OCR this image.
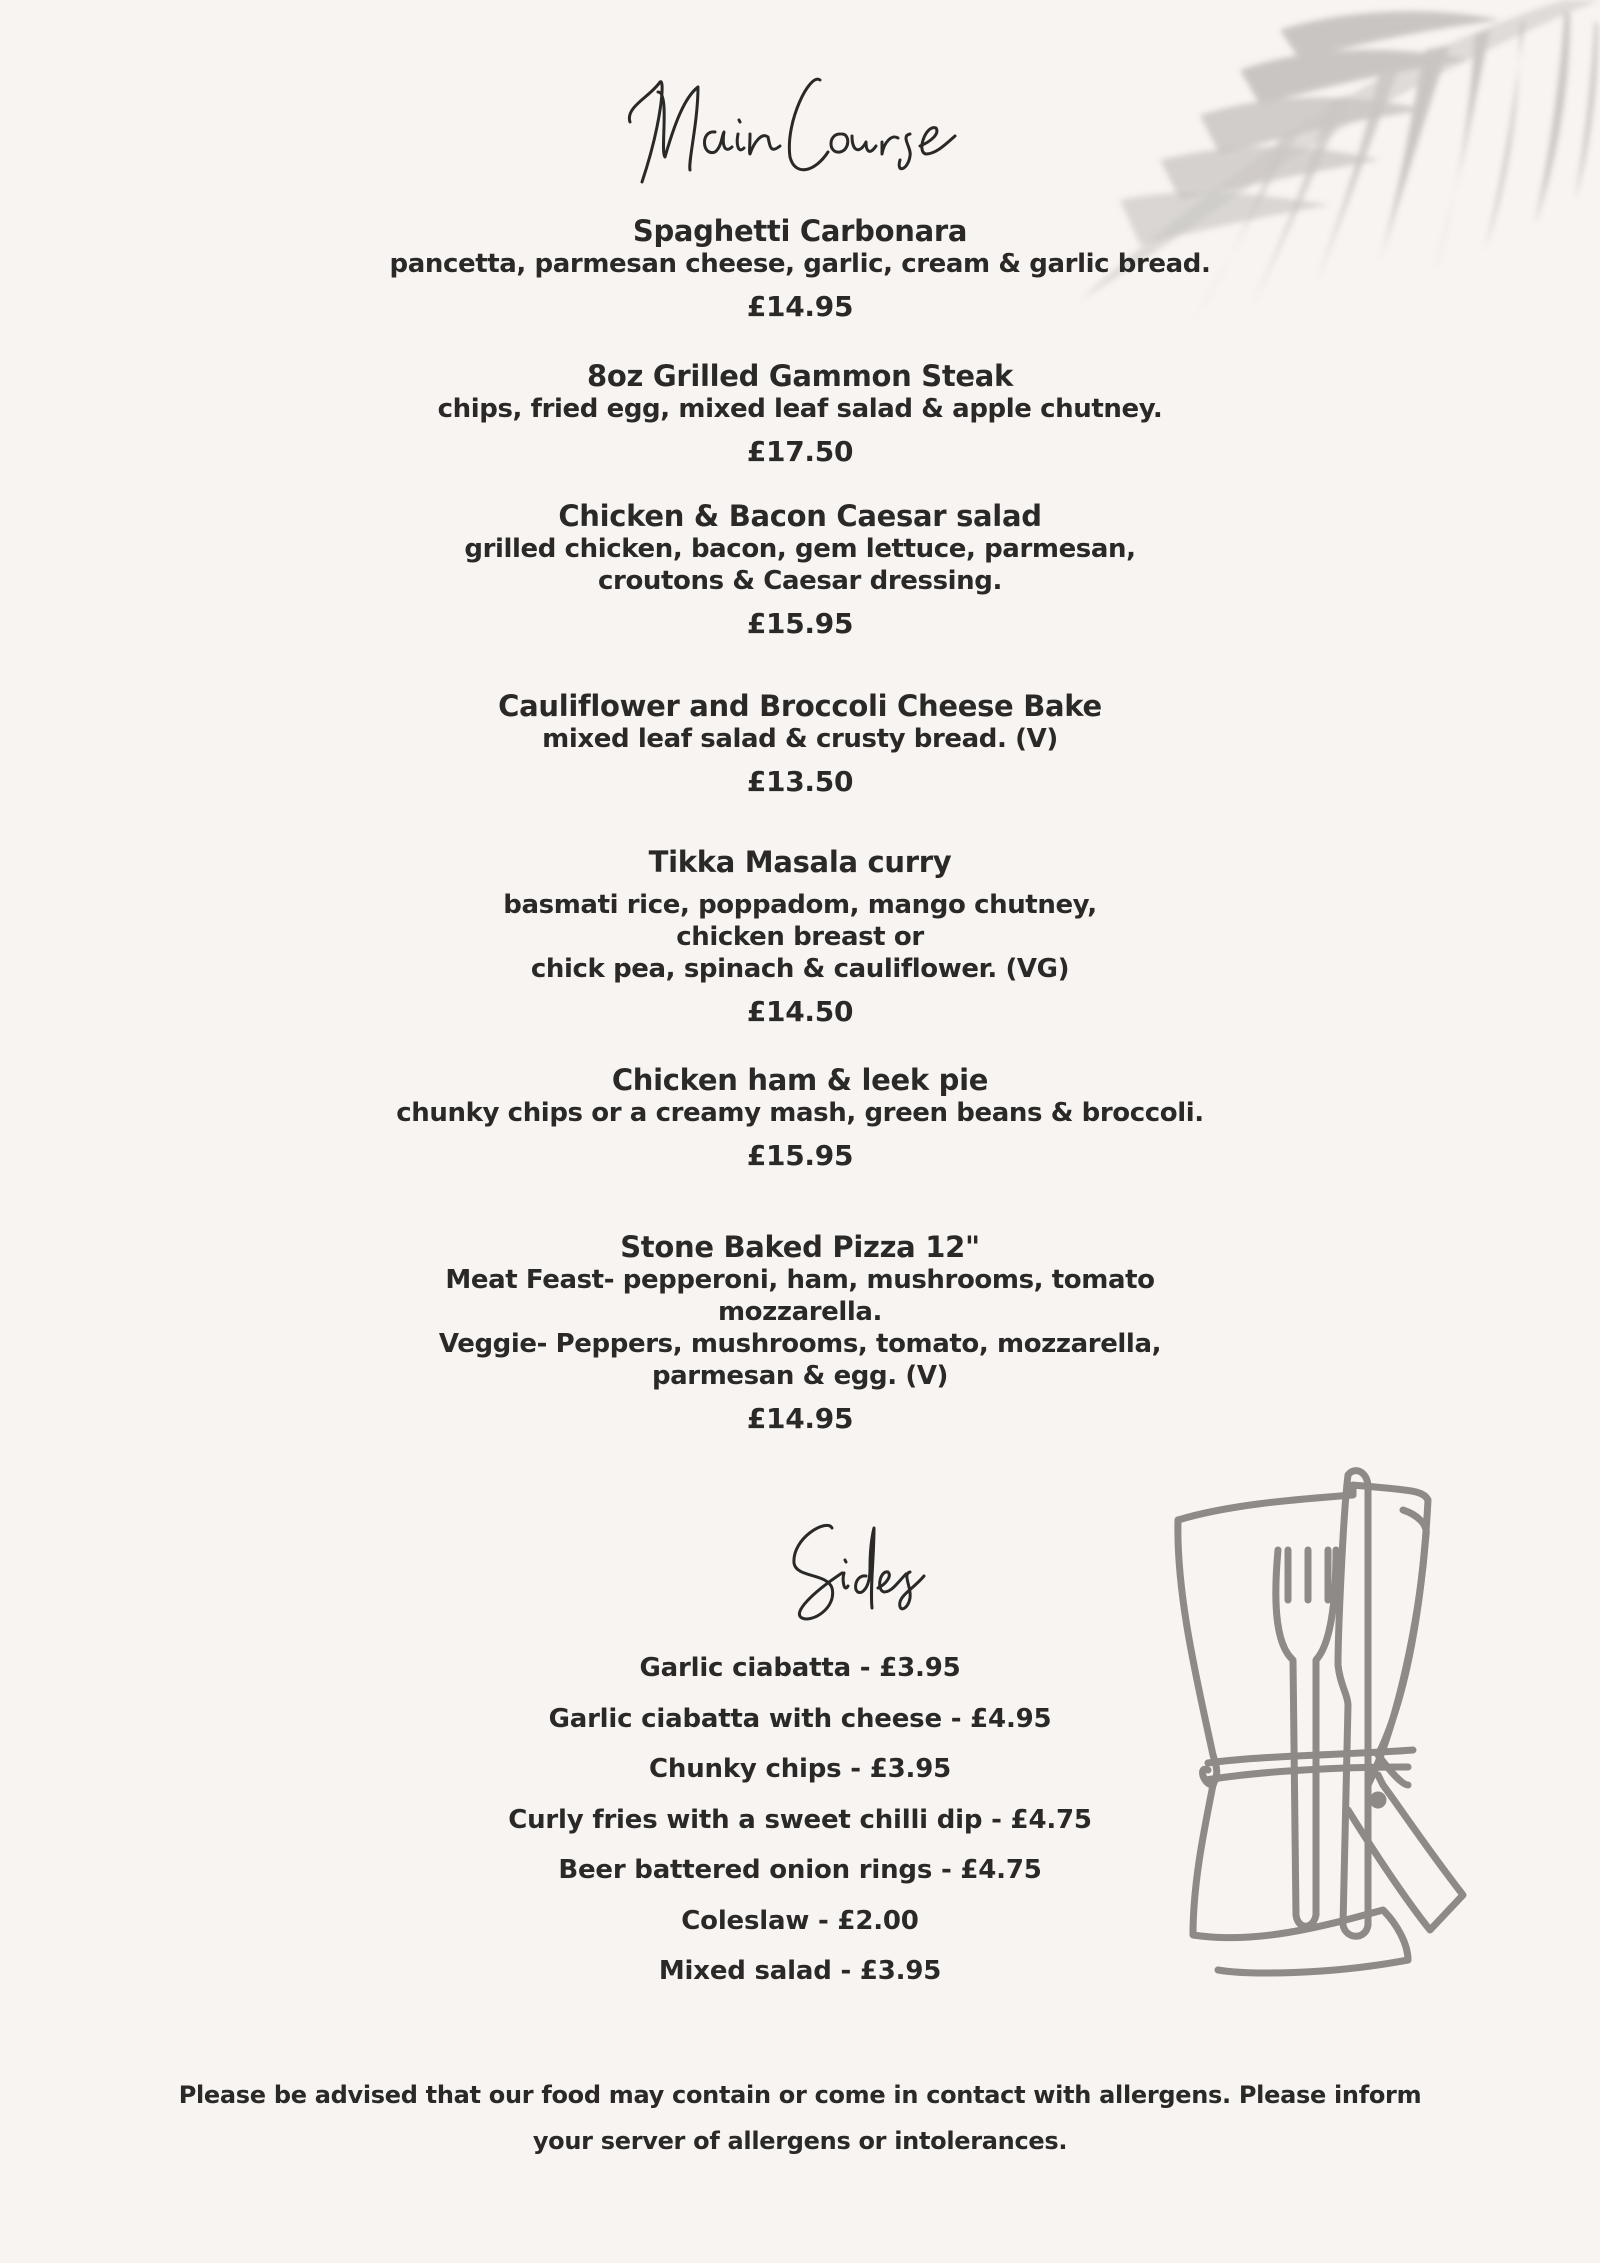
Spaghetti Carbonara
pancetta, parmesan cheese, garlic, cream & garlic bread.
£14.95
8oz Grilled Gammon Steak
chips, fried egg, mixed leaf salad & apple chutney.
£17.50
Chicken & Bacon Caesar salad
grilled chicken, bacon, gem lettuce, parmesan,
croutons & Caesar dressing.
£15.95
Cauliflower and Broccoli Cheese Bake
mixed leaf salad & crusty bread. (V)
£13.50
Tikka Masala curry
basmati rice, poppadom, mango chutney,
chicken breast or
chick pea, spinach & cauliflower. (VG)
£14.50
Chicken ham & leek pie
chunky chips or a creamy mash, green beans & broccoli.
£15.95
Stone Baked Pizza 12"
Meat Feast- pepperoni, ham, mushrooms, tomato
mozzarella.
Veggie- Peppers, mushrooms, tomato, mozzarella,
parmesan & egg. (V)
£14.95
Garlic ciabatta - £3.95
Garlic ciabatta with cheese - £4.95
Chunky chips - £3.95
Curly fries with a sweet chilli dip - £4.75
Beer battered onion rings - £4.75
Coleslaw - £2.00
Mixed salad - £3.95
Please be advised that our food may contain or come in contact with allergens. Please inform
your server of allergens or intolerances.
